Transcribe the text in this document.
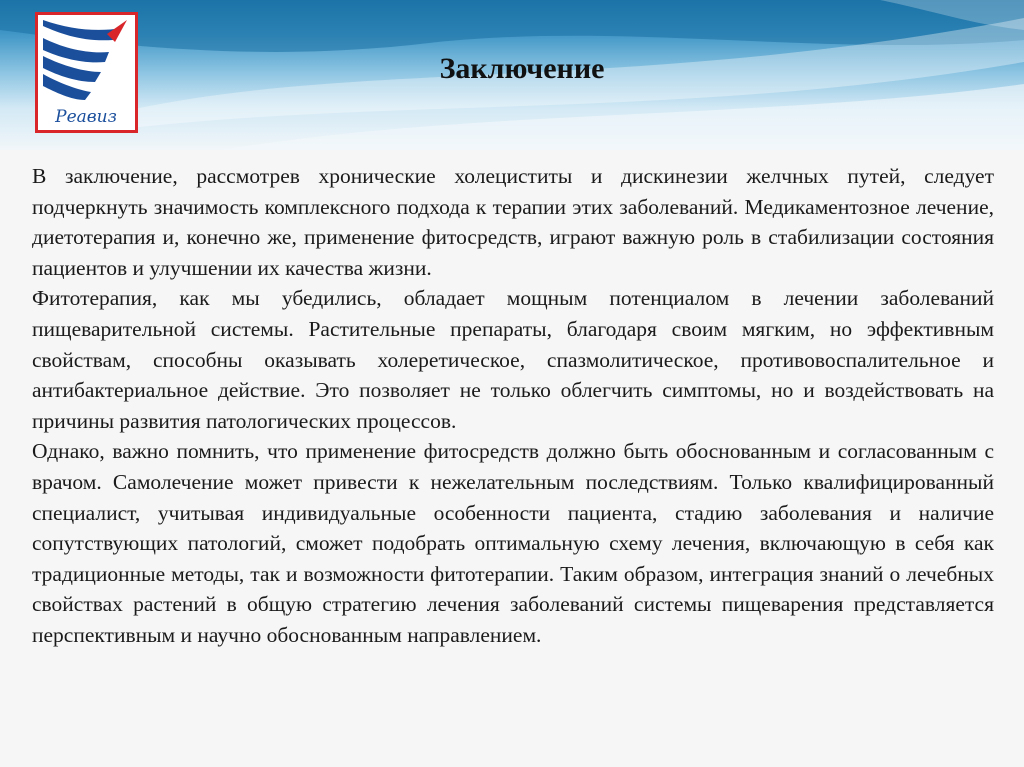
Реавиз
Заключение

В заключение, рассмотрев хронические холециститы и дискинезии желчных путей, следует подчеркнуть значимость комплексного подхода к терапии этих заболеваний. Медикаментозное лечение, диетотерапия и, конечно же, применение фитосредств, играют важную роль в стабилизации состояния пациентов и улучшении их качества жизни.

Фитотерапия, как мы убедились, обладает мощным потенциалом в лечении заболеваний пищеварительной системы. Растительные препараты, благодаря своим мягким, но эффективным свойствам, способны оказывать холеретическое, спазмолитическое, противовоспалительное и антибактериальное действие. Это позволяет не только облегчить симптомы, но и воздействовать на причины развития патологических процессов.

Однако, важно помнить, что применение фитосредств должно быть обоснованным и согласованным с врачом. Самолечение может привести к нежелательным последствиям. Только квалифицированный специалист, учитывая индивидуальные особенности пациента, стадию заболевания и наличие сопутствующих патологий, сможет подобрать оптимальную схему лечения, включающую в себя как традиционные методы, так и возможности фитотерапии. Таким образом, интеграция знаний о лечебных свойствах растений в общую стратегию лечения заболеваний системы пищеварения представляется перспективным и научно обоснованным направлением.
